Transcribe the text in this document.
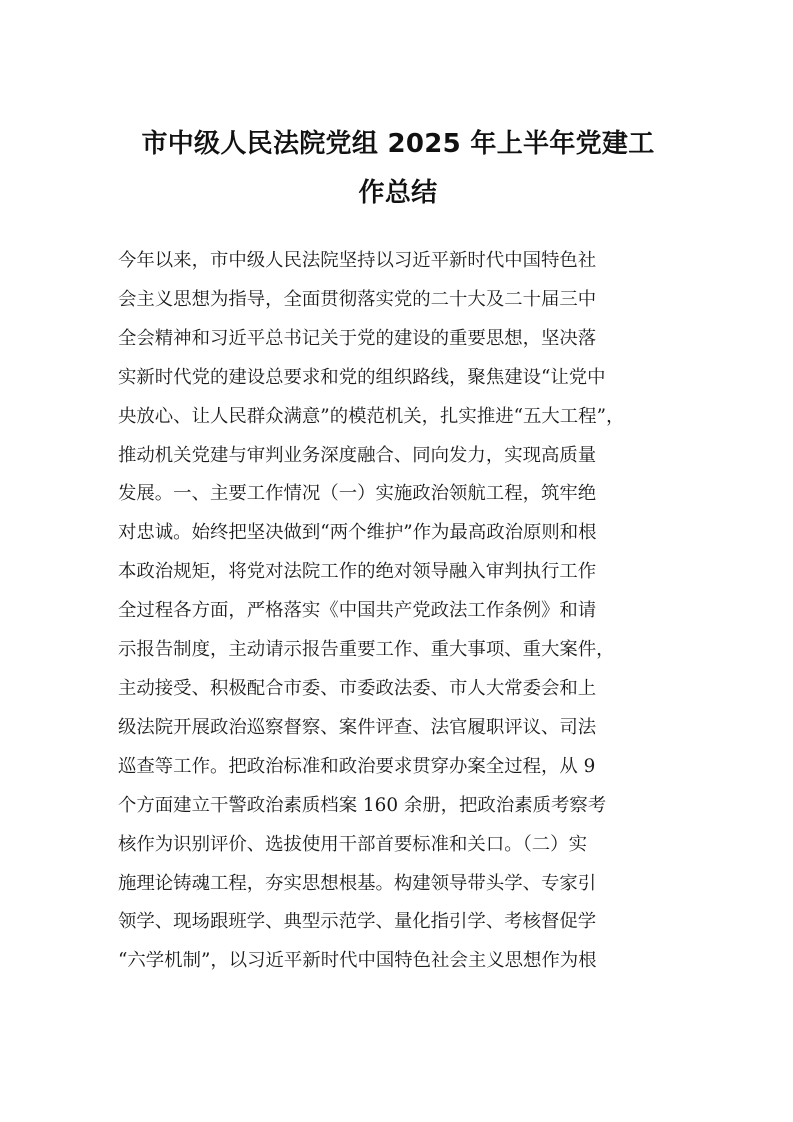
市中级人民法院党组 2025 年上半年党建工
作总结
今年以来，市中级人民法院坚持以习近平新时代中国特色社
会主义思想为指导，全面贯彻落实党的二十大及二十届三中
全会精神和习近平总书记关于党的建设的重要思想，坚决落
实新时代党的建设总要求和党的组织路线，聚焦建设“让党中
央放心、让人民群众满意”的模范机关，扎实推进“五大工程”，
推动机关党建与审判业务深度融合、同向发力，实现高质量
发展。一、主要工作情况（一）实施政治领航工程，筑牢绝
对忠诚。始终把坚决做到“两个维护”作为最高政治原则和根
本政治规矩，将党对法院工作的绝对领导融入审判执行工作
全过程各方面，严格落实《中国共产党政法工作条例》和请
示报告制度，主动请示报告重要工作、重大事项、重大案件，
主动接受、积极配合市委、市委政法委、市人大常委会和上
级法院开展政治巡察督察、案件评查、法官履职评议、司法
巡查等工作。把政治标准和政治要求贯穿办案全过程，从 9
个方面建立干警政治素质档案 160 余册，把政治素质考察考
核作为识别评价、选拔使用干部首要标准和关口。（二）实
施理论铸魂工程，夯实思想根基。构建领导带头学、专家引
领学、现场跟班学、典型示范学、量化指引学、考核督促学
“六学机制”，以习近平新时代中国特色社会主义思想作为根
